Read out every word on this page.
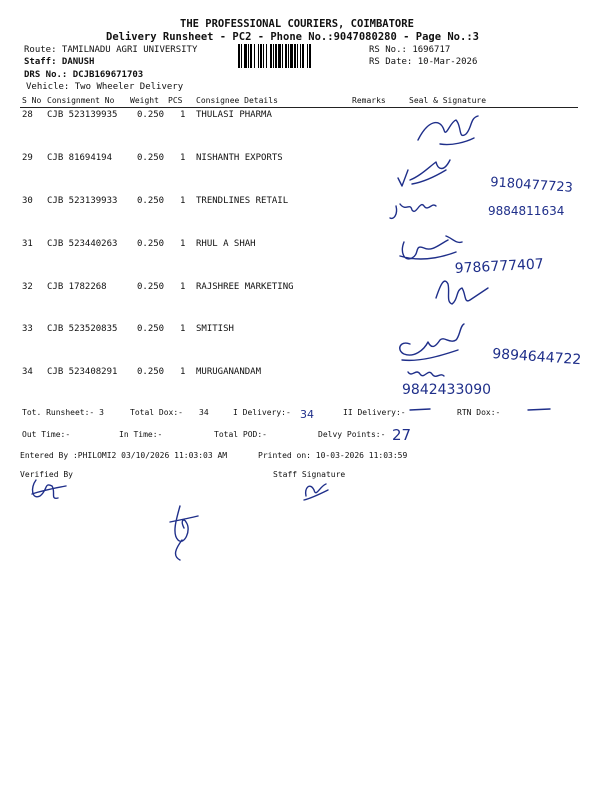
THE PROFESSIONAL COURIERS, COIMBATORE
Delivery Runsheet - PC2 - Phone No.:9047080280 - Page No.:3
Route: TAMILNADU AGRI UNIVERSITY
Staff: DANUSH
DRS No.: DCJB169671703
Vehicle: Two Wheeler Delivery
RS No.: 1696717
RS Date: 10-Mar-2026
S No Consignment No Weight PCS Consignee Details	Remarks	Seal & Signature
28 CJB 523139935 0.250 1 THULASI PHARMA
29 CJB 81694194	0.250 1 NISHANTH EXPORTS
30 CJB 523139933 0.250 1 TRENDLINES RETAIL
31 CJB 523440263 0.250 1 RHUL A SHAH
32 CJB 1782268	0.250 1 RAJSHREE MARKETING
33 CJB 523520835 0.250 1 SMITISH
34 CJB 523408291 0.250 1 MURUGANANDAM
9180477723
9884811634
9786777407
9894644722
9842433090
34
27
Tot. Runsheet:- 3	Total Dox:- 34	I Delivery:-	II Delivery:-	RTN Dox:-
Out Time:-	In Time:-	Total POD:-	Delvy Points:-
Entered By :PHILOMI2 03/10/2026 11:03:03 AM	Printed on: 10-03-2026 11:03:59
Verified By	Staff Signature
